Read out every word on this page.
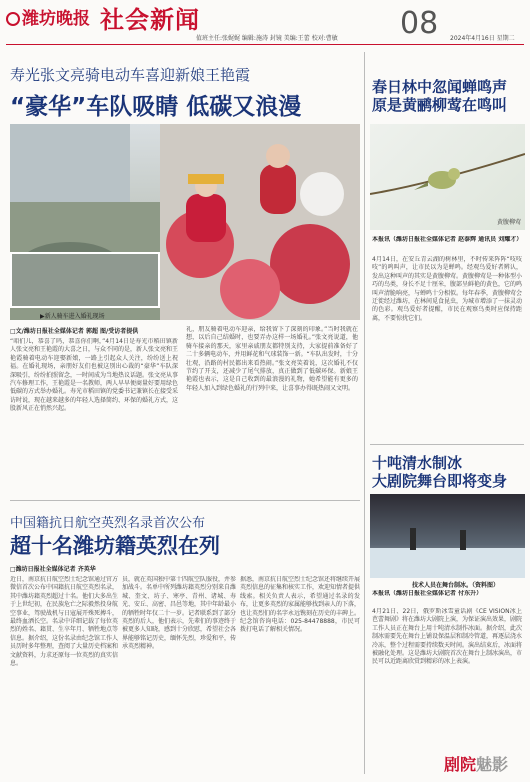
潍坊晚报 社会新闻	08
值班主任:张娓娓 编辑:施涛 封镜 美编:王蕾 校对:曹敏	2024年4月16日 星期二
寿光张文亮骑电动车喜迎新娘王艳霞
“豪华”车队吸睛 低碳又浪漫
▶新人骑车进入婚礼现场
□文/潍坊日报社全媒体记者 郭超 图/受访者提供
“咱们儿，恭喜了吗，恭喜你们啊，”4月14日是寿光市稻田镇新人张文亮和王艳霞的大喜之日，与众不同的是，新人张文亮和王艳霞骑着电动车迎娶新娘，一路上引起众人关注，纷纷送上祝福。在婚礼现场，亲朋好友们也被这别出心裁的“豪华”车队深深吸引，纷纷拍照留念，一时间成为当地热议话题。张文亮从事汽车修理工作，王艳霞是一名教师，两人早早便商量好要用绿色低碳的方式举办婚礼。寿光市稻田镇的党委书记兼镇长在接受采访时说，现在越来越多的年轻人选择简约、环保的婚礼方式，这股新风正在悄然兴起。
礼，朋友骑着电动车迎亲，给我留下了深刻的印象。”当时我就在想，以后自己结婚时，也要弄办这样一场婚礼。”张文亮说道，他骑车接亲的那天，家里亲戚朋友都特别支持，大家提前准备好了二十多辆电动车，并用鲜花和气球装饰一新。“车队出发时，十分壮观，沿路的村民都出来看热闹。”张文亮笑着说，这次婚礼不仅节约了开支，还减少了尾气排放，真正做到了低碳环保。新娘王艳霞也表示，这是自己收到的最浪漫的礼物，她希望能有更多的年轻人加入到绿色婚礼的行列中来，让喜事办得既热闹又文明。
中国籍抗日航空英烈名录首次公布
超十名潍坊籍英烈在列
□潍坊日报社全媒体记者 齐英华
近日，南京抗日航空烈士纪念馆通过官方微信首次公布中国籍抗日航空英烈名录，其中潍坊籍英烈超过十名。他们大多出生于上世纪初，在民族危亡之际毅然投身航空事业，驾驶战机与日寇展开殊死搏斗，最终血洒长空。名录中详细记载了每位英烈的姓名、籍贯、生卒年月、牺牲地点等信息。据介绍，这份名录由纪念馆工作人员历时多年整理，查阅了大量历史档案和文献资料，力求还原每一位英烈的真实信息。
员，就在英国独中第十四航空队服役，并参加战斗。名单中所列潍坊籍英烈分别来自潍城、奎文、坊子、寒亭、青州、诸城、寿光、安丘、高密、昌邑等地，其中年龄最小的牺牲时年仅二十一岁。记者联系到了部分英烈的后人，他们表示，先辈们的事迹终于被更多人知晓，感到十分欣慰，希望社会各界能够铭记历史，缅怀先烈，珍爱和平，传承英烈精神。
据悉，南京抗日航空烈士纪念馆还将继续开展英烈信息的征集和核实工作，欢迎知情者提供线索。相关负责人表示，希望通过名录的发布，让更多英烈的家属能够找到亲人的下落，也让英烈们的名字永远镌刻在历史的丰碑上。纪念馆咨询电话：025-84478888，市民可拨打电话了解相关情况。
春日林中忽闻蝉鸣声
原是黄鹂柳莺在鸣叫
黄腹柳莺
本报讯（潍坊日报社全媒体记者 赵泰辉 通讯员 刘耀才）
4月14日，在安丘青云湖的树林里，不时传来阵阵“吱吱吱”的鸣叫声，让市民以为是蝉鸣。经观鸟爱好者辨认，发出这种叫声的其实是黄腹柳莺。黄腹柳莺是一种体型小巧的鸟类，身长不足十厘米，腹部呈鲜艳的黄色，它的鸣叫声清脆响亮，与蝉鸣十分相似。每年春季，黄腹柳莺会迁徙经过潍坊，在林间觅食昆虫，为城市增添了一抹灵动的色彩。观鸟爱好者提醒，市民在观察鸟类时应保持距离，不要惊扰它们。
十吨清水制冰
大剧院舞台即将变身
技术人员在舞台制冰。（资料图）
本报讯（潍坊日报社全媒体记者 付东升）
4月21日、22日，俄罗斯冰雪童话剧《CE VISION冰上芭蕾舞剧》将在潍坊大剧院上演，为保证演出效果，剧院工作人员正在舞台上用十吨清水制作冰面。据介绍，此次制冰需要先在舞台上铺设保温层和制冷管道，再逐层浇水冷冻，整个过程需要持续数天时间。演出结束后，冰面将被融化处理。这是潍坊大剧院首次在舞台上制冰演出，市民可以近距离欣赏到精彩的冰上表演。
剧院魅影
